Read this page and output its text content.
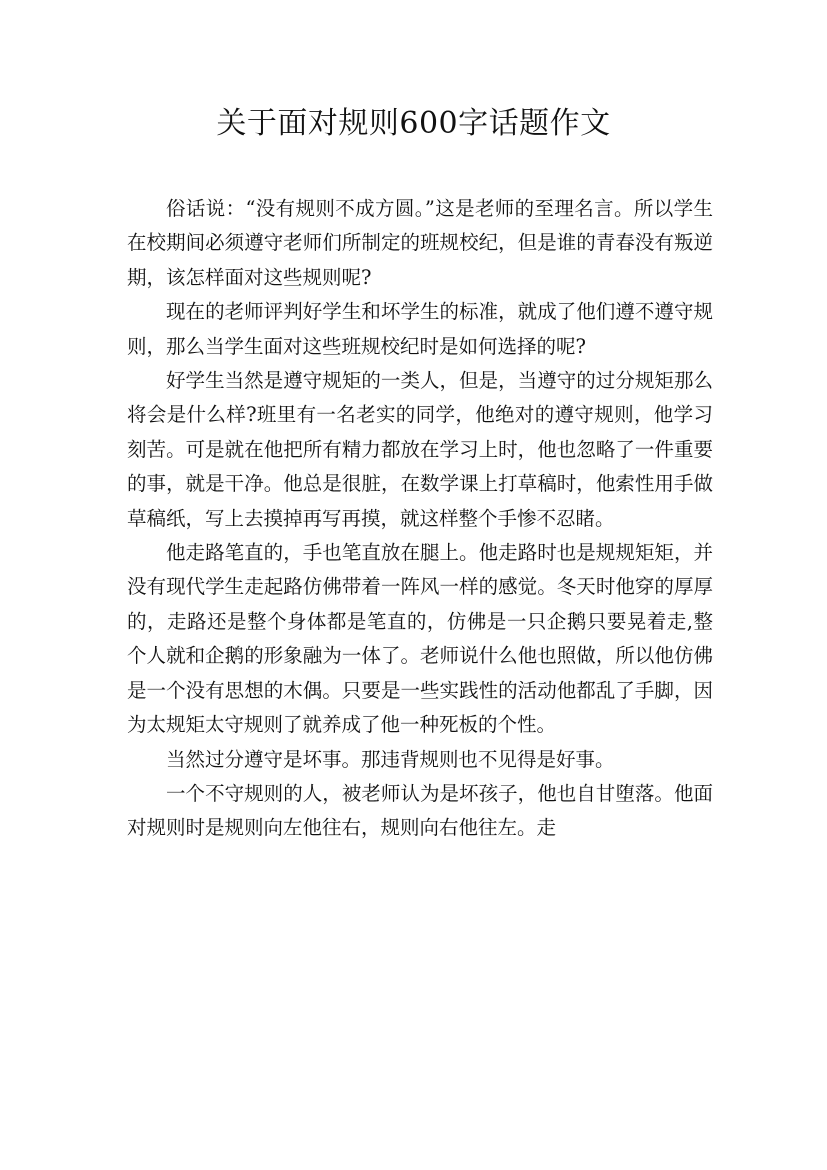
关于面对规则600字话题作文

俗话说：“没有规则不成方圆。”这是老师的至理名言。所以学生在校期间必须遵守老师们所制定的班规校纪，但是谁的青春没有叛逆期，该怎样面对这些规则呢?

现在的老师评判好学生和坏学生的标准，就成了他们遵不遵守规则，那么当学生面对这些班规校纪时是如何选择的呢?

好学生当然是遵守规矩的一类人，但是，当遵守的过分规矩那么将会是什么样?班里有一名老实的同学，他绝对的遵守规则，他学习刻苦。可是就在他把所有精力都放在学习上时，他也忽略了一件重要的事，就是干净。他总是很脏，在数学课上打草稿时，他索性用手做草稿纸，写上去摸掉再写再摸，就这样整个手惨不忍睹。

他走路笔直的，手也笔直放在腿上。他走路时也是规规矩矩，并没有现代学生走起路仿佛带着一阵风一样的感觉。冬天时他穿的厚厚的，走路还是整个身体都是笔直的，仿佛是一只企鹅只要晃着走,整个人就和企鹅的形象融为一体了。老师说什么他也照做，所以他仿佛是一个没有思想的木偶。只要是一些实践性的活动他都乱了手脚，因为太规矩太守规则了就养成了他一种死板的个性。

当然过分遵守是坏事。那违背规则也不见得是好事。

一个不守规则的人，被老师认为是坏孩子，他也自甘堕落。他面对规则时是规则向左他往右，规则向右他往左。走
